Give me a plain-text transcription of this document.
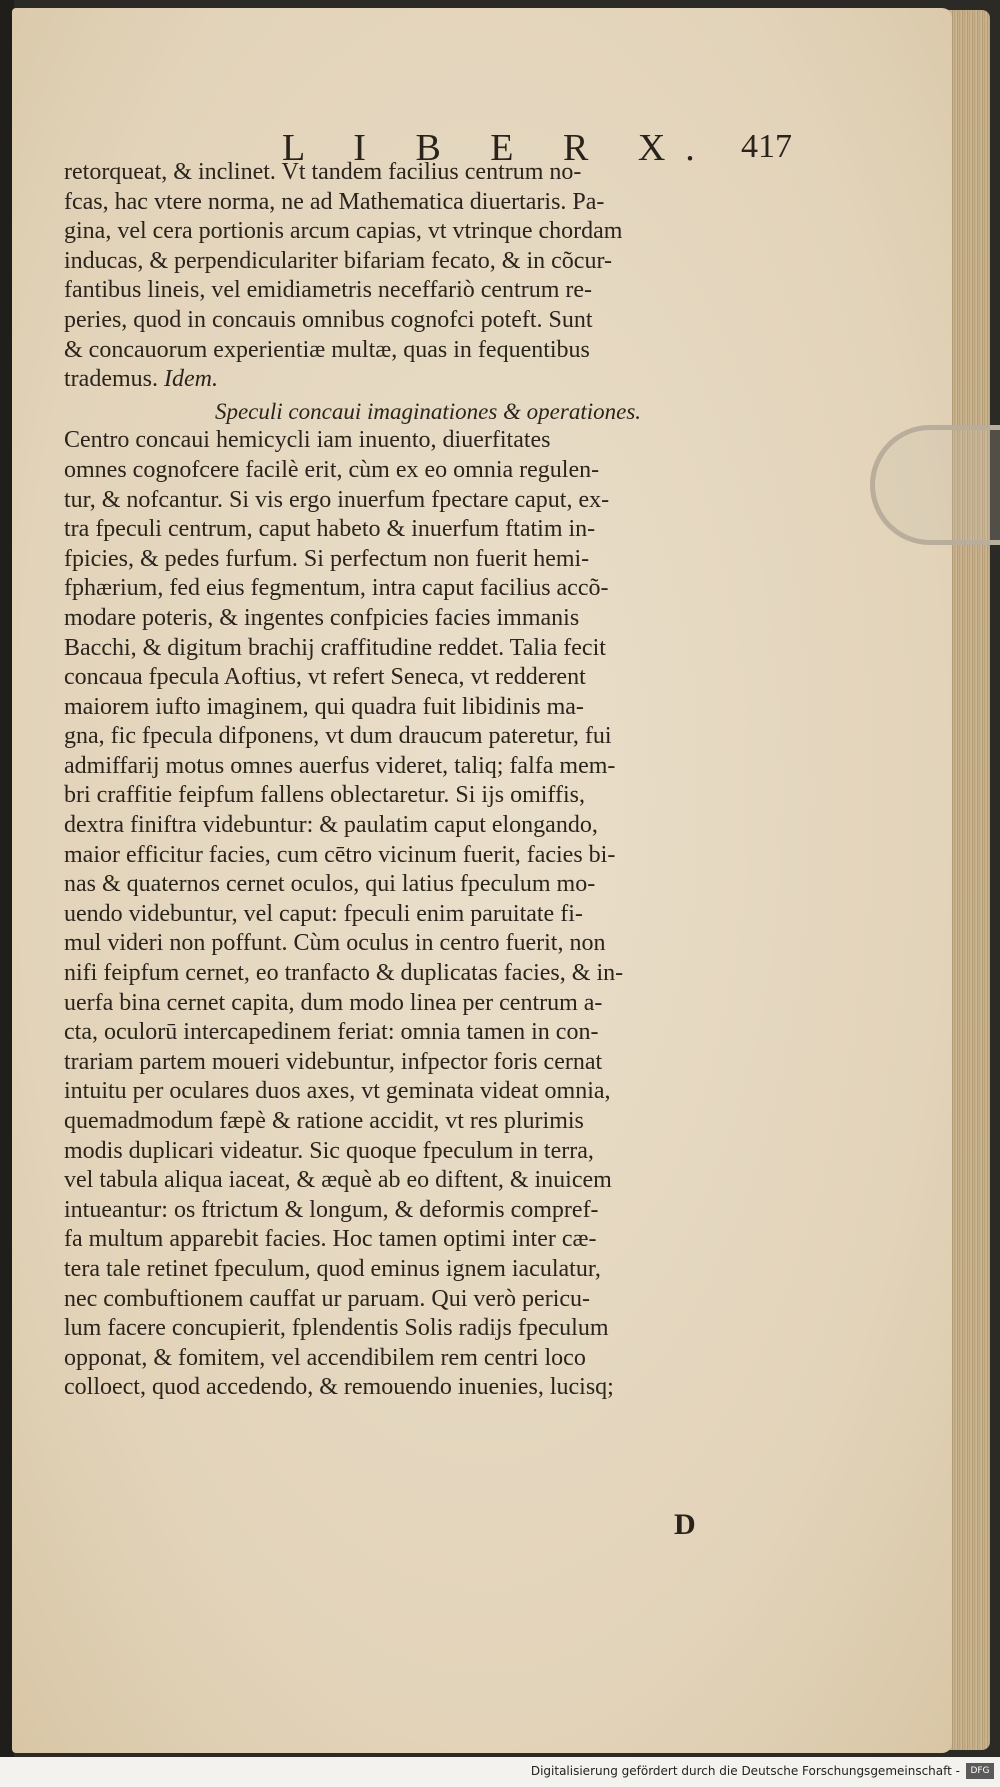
L I B E R X. 417
retorqueat, & inclinet. Vt tandem facilius centrum no-
fcas, hac vtere norma, ne ad Mathematica diuertaris. Pa-
gina, vel cera portionis arcum capias, vt vtrinque chordam
inducas, & perpendiculariter bifariam fecato, & in cõcur-
fantibus lineis, vel emidiametris neceffariò centrum re-
peries, quod in concauis omnibus cognofci poteft. Sunt
& concauorum experientiæ multæ, quas in fequentibus
trademus. Idem.
Speculi concaui imaginationes & operationes.
Centro concaui hemicycli iam inuento, diuerfitates
omnes cognofcere facilè erit, cùm ex eo omnia regulen-
tur, & nofcantur. Si vis ergo inuerfum fpectare caput, ex-
tra fpeculi centrum, caput habeto & inuerfum ftatim in-
fpicies, & pedes furfum. Si perfectum non fuerit hemi-
fphærium, fed eius fegmentum, intra caput facilius accõ-
modare poteris, & ingentes confpicies facies immanis
Bacchi, & digitum brachij craffitudine reddet. Talia fecit
concaua fpecula Aoftius, vt refert Seneca, vt redderent
maiorem iufto imaginem, qui quadra fuit libidinis ma-
gna, fic fpecula difponens, vt dum draucum pateretur, fui
admiffarij motus omnes auerfus videret, taliq; falfa mem-
bri craffitie feipfum fallens oblectaretur. Si ijs omiffis,
dextra finiftra videbuntur: & paulatim caput elongando,
maior efficitur facies, cum cētro vicinum fuerit, facies bi-
nas & quaternos cernet oculos, qui latius fpeculum mo-
uendo videbuntur, vel caput: fpeculi enim paruitate fi-
mul videri non poffunt. Cùm oculus in centro fuerit, non
nifi feipfum cernet, eo tranfacto & duplicatas facies, & in-
uerfa bina cernet capita, dum modo linea per centrum a-
cta, oculorū intercapedinem feriat: omnia tamen in con-
trariam partem moueri videbuntur, infpector foris cernat
intuitu per oculares duos axes, vt geminata videat omnia,
quemadmodum fæpè & ratione accidit, vt res plurimis
modis duplicari videatur. Sic quoque fpeculum in terra,
vel tabula aliqua iaceat, & æquè ab eo diftent, & inuicem
intueantur: os ftrictum & longum, & deformis compref-
fa multum apparebit facies. Hoc tamen optimi inter cæ-
tera tale retinet fpeculum, quod eminus ignem iaculatur,
nec combuftionem cauffat ur paruam. Qui verò pericu-
lum facere concupierit, fplendentis Solis radijs fpeculum
opponat, & fomitem, vel accendibilem rem centri loco
colloect, quod accedendo, & remouendo inuenies, lucisq;
D
Digitalisierung gefördert durch die Deutsche Forschungsgemeinschaft -	DFG
